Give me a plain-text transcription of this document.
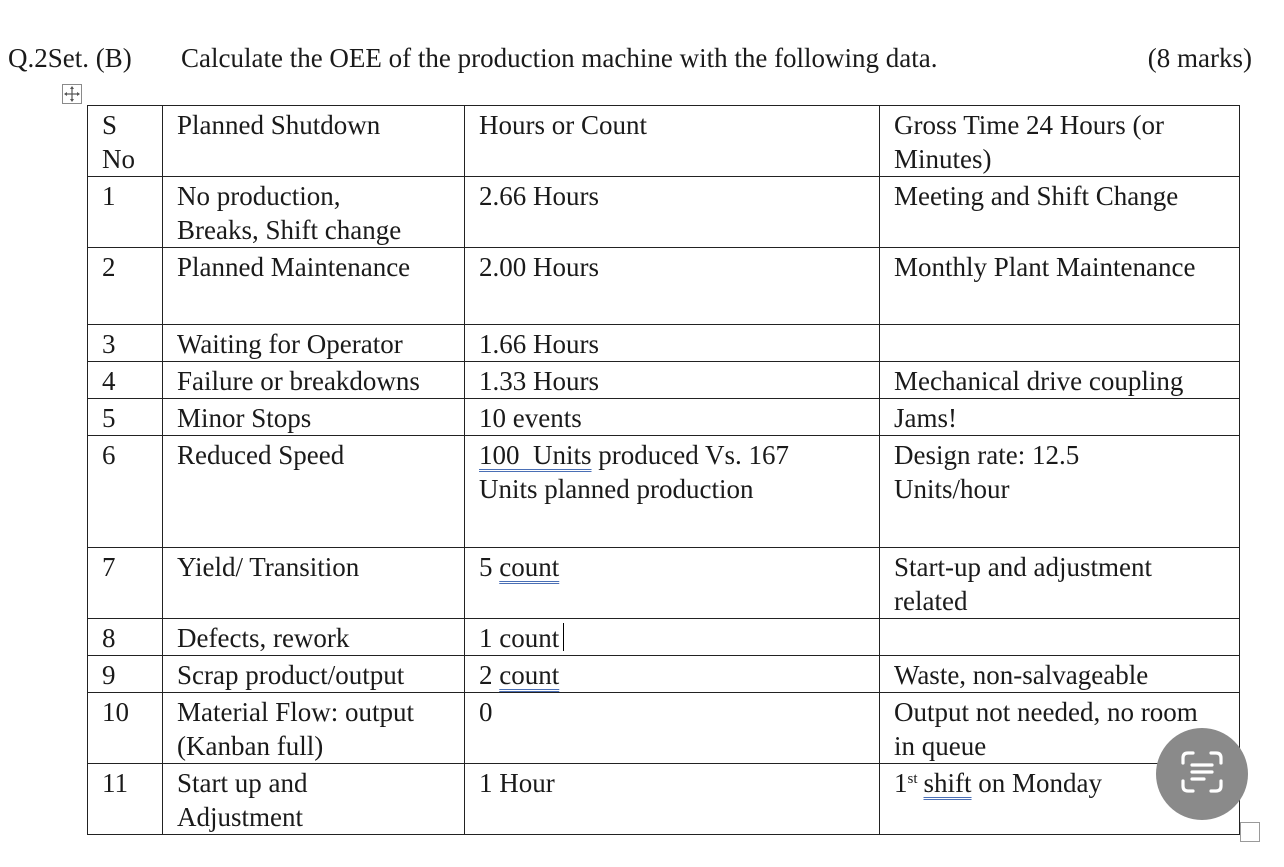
Q.2Set. (B) Calculate the OEE of the production machine with the following data.	(8 marks)
S
No	Planned Shutdown	Hours or Count	Gross Time 24 Hours (or
Minutes)
1	No production,
Breaks, Shift change	2.66 Hours	Meeting and Shift Change
2	Planned Maintenance	2.00 Hours	Monthly Plant Maintenance
3	Waiting for Operator	1.66 Hours	
4	Failure or breakdowns	1.33 Hours	Mechanical drive coupling
5	Minor Stops	10 events	Jams!
6	Reduced Speed	100  Units produced Vs. 167
Units planned production	Design rate: 12.5
Units/hour
7	Yield/ Transition	5 count	Start-up and adjustment
related
8	Defects, rework	1 count	
9	Scrap product/output	2 count	Waste, non-salvageable
10	Material Flow: output
(Kanban full)	0	Output not needed, no room
in queue
11	Start up and
Adjustment	1 Hour	1st shift on Monday
